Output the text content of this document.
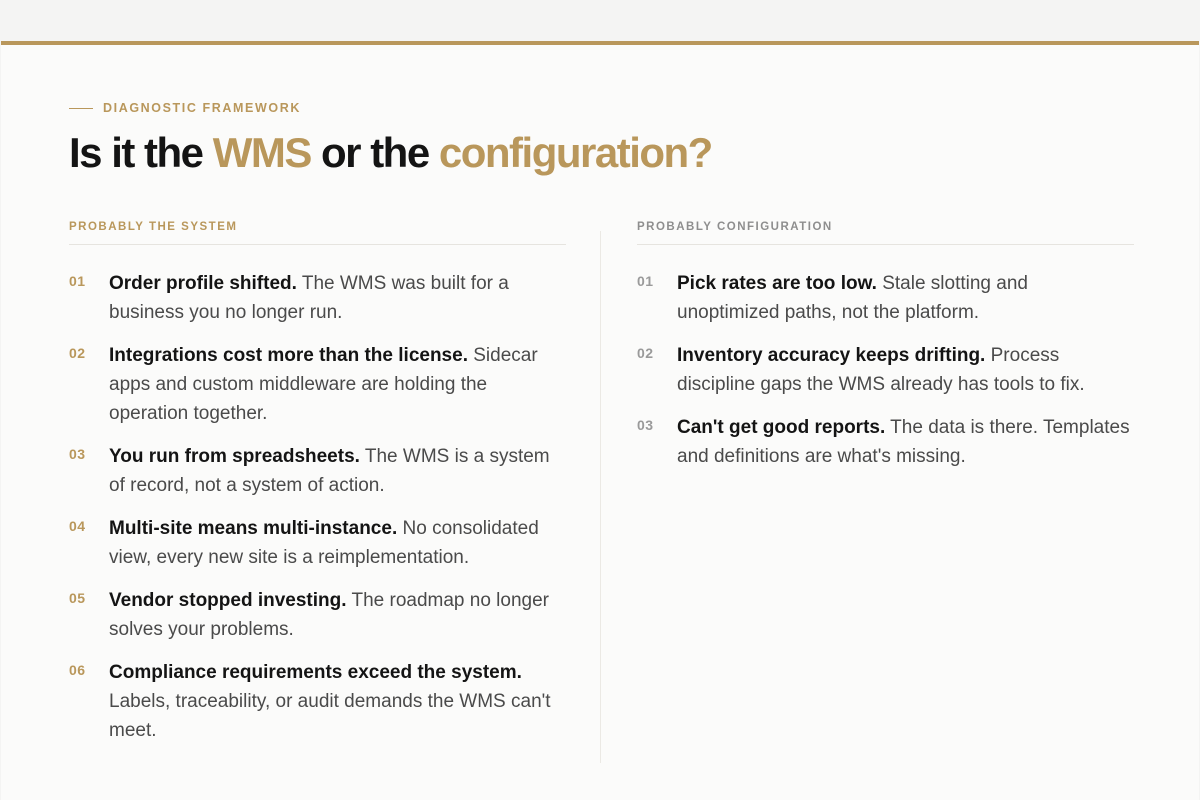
DIAGNOSTIC FRAMEWORK
Is it the WMS or the configuration?
PROBABLY THE SYSTEM
01	Order profile shifted. The WMS was built for a business you no longer run.

02	Integrations cost more than the license. Sidecar apps and custom middleware are holding the operation together.

03	You run from spreadsheets. The WMS is a system of record, not a system of action.

04	Multi-site means multi-instance. No consolidated view, every new site is a reimplementation.

05	Vendor stopped investing. The roadmap no longer solves your problems.

06	Compliance requirements exceed the system. Labels, traceability, or audit demands the WMS can't meet.

PROBABLY CONFIGURATION
01	Pick rates are too low. Stale slotting and unoptimized paths, not the platform.

02	Inventory accuracy keeps drifting. Process discipline gaps the WMS already has tools to fix.

03	Can't get good reports. The data is there. Templates and definitions are what's missing.
